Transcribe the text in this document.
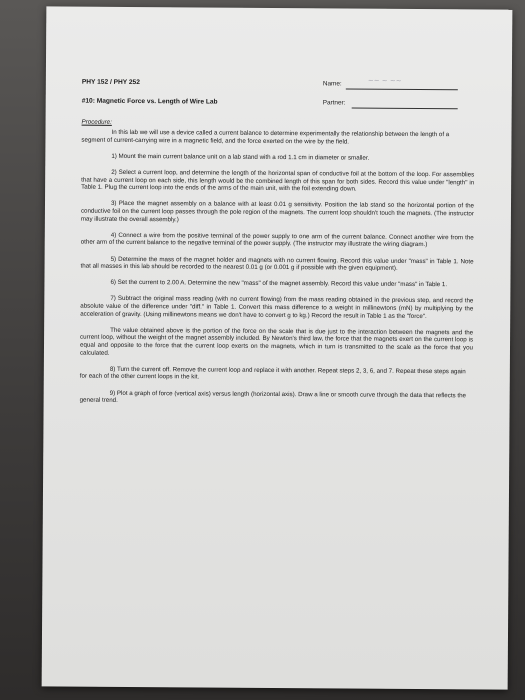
PHY 152 / PHY 252
#10: Magnetic Force vs. Length of Wire Lab
Name:	~~ ~ ~~
Partner:
Procedure:

In this lab we will use a device called a current balance to determine experimentally the relationship between the length of a segment of current-carrying wire in a magnetic field, and the force exerted on the wire by the field.

1) Mount the main current balance unit on a lab stand with a rod 1.1 cm in diameter or smaller.

2) Select a current loop, and determine the length of the horizontal span of conductive foil at the bottom of the loop. For assemblies that have a current loop on each side, this length would be the combined length of this span for both sides. Record this value under "length" in Table 1. Plug the current loop into the ends of the arms of the main unit, with the foil extending down.

3) Place the magnet assembly on a balance with at least 0.01 g sensitivity. Position the lab stand so the horizontal portion of the conductive foil on the current loop passes through the pole region of the magnets. The current loop shouldn't touch the magnets. (The instructor may illustrate the overall assembly.)

4) Connect a wire from the positive terminal of the power supply to one arm of the current balance. Connect another wire from the other arm of the current balance to the negative terminal of the power supply. (The instructor may illustrate the wiring diagram.)

5) Determine the mass of the magnet holder and magnets with no current flowing. Record this value under "mass" in Table 1. Note that all masses in this lab should be recorded to the nearest 0.01 g (or 0.001 g if possible with the given equipment).

6) Set the current to 2.00 A. Determine the new "mass" of the magnet assembly. Record this value under "mass" in Table 1.

7) Subtract the original mass reading (with no current flowing) from the mass reading obtained in the previous step, and record the absolute value of the difference under "diff." in Table 1. Convert this mass difference to a weight in millinewtons (mN) by multiplying by the acceleration of gravity. (Using millinewtons means we don't have to convert g to kg.) Record the result in Table 1 as the "force".

The value obtained above is the portion of the force on the scale that is due just to the interaction between the magnets and the current loop, without the weight of the magnet assembly included. By Newton's third law, the force that the magnets exert on the current loop is equal and opposite to the force that the current loop exerts on the magnets, which in turn is transmitted to the scale as the force that you calculated.

8) Turn the current off. Remove the current loop and replace it with another. Repeat steps 2, 3, 6, and 7. Repeat these steps again for each of the other current loops in the kit.

9) Plot a graph of force (vertical axis) versus length (horizontal axis). Draw a line or smooth curve through the data that reflects the general trend.
